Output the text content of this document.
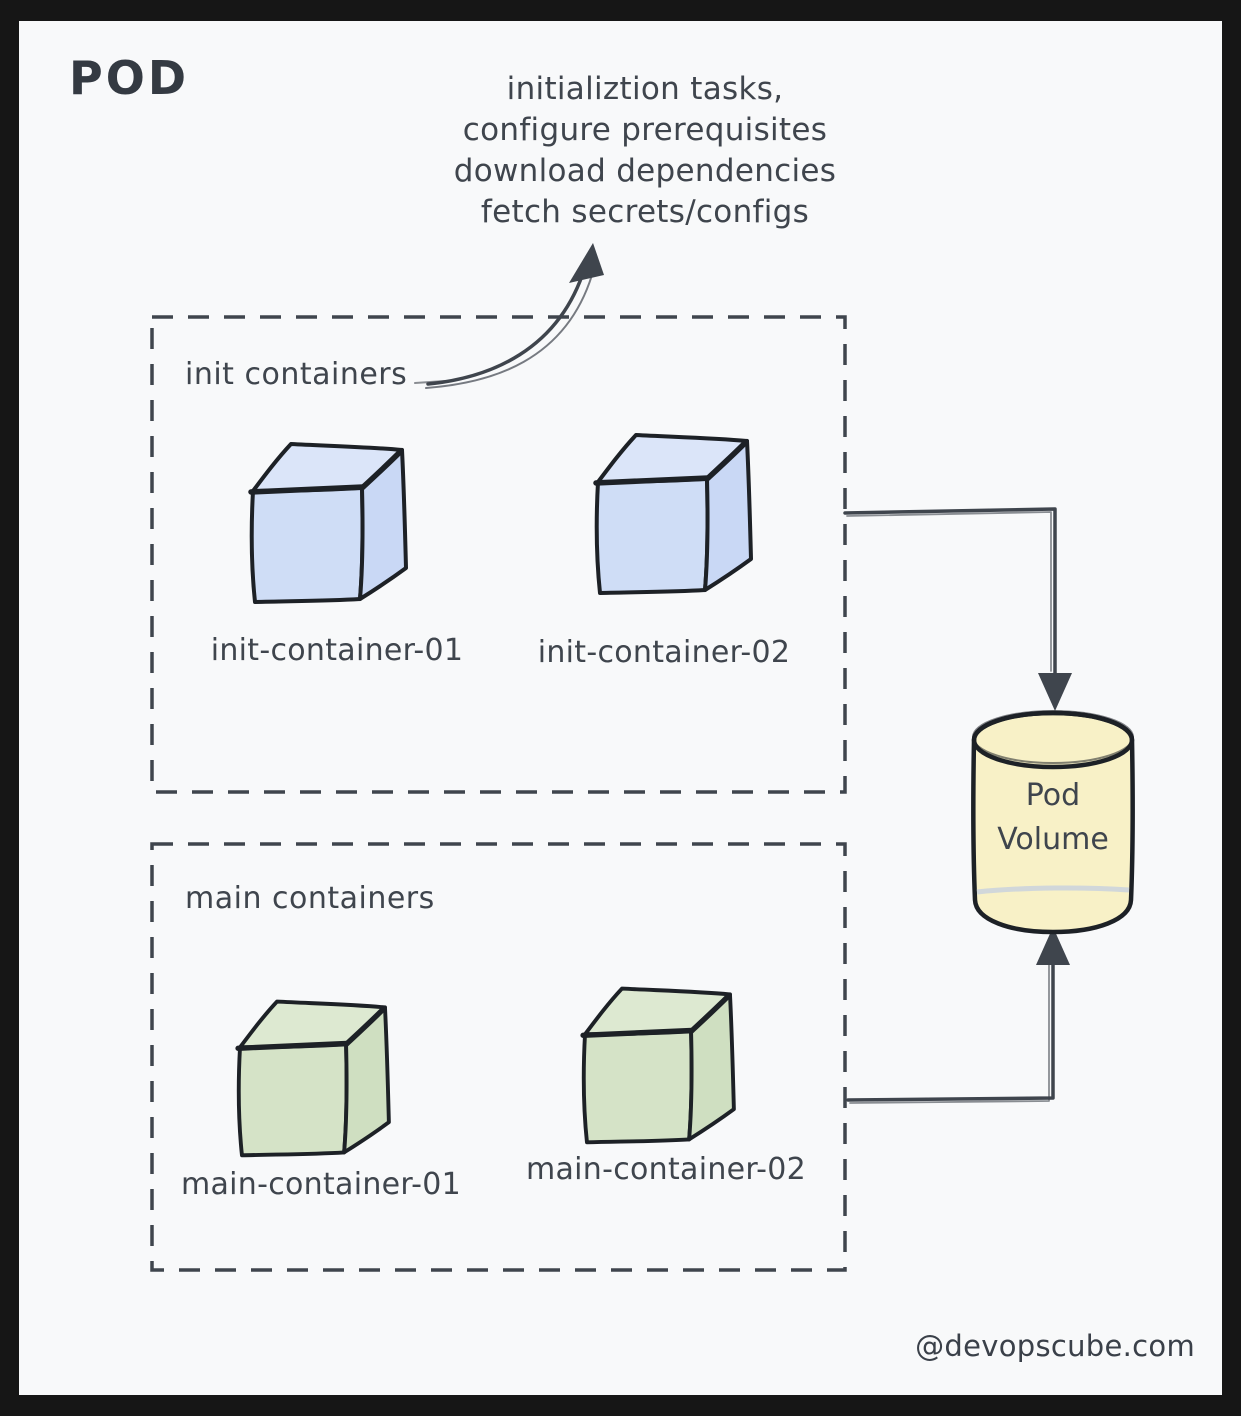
POD	initializtion tasks,
configure prerequisites
download dependencies
fetch secrets/configs
init containers
init-container-01	init-container-02
main containers
main-container-01	main-container-02
Pod
Volume
@devopscube.com
